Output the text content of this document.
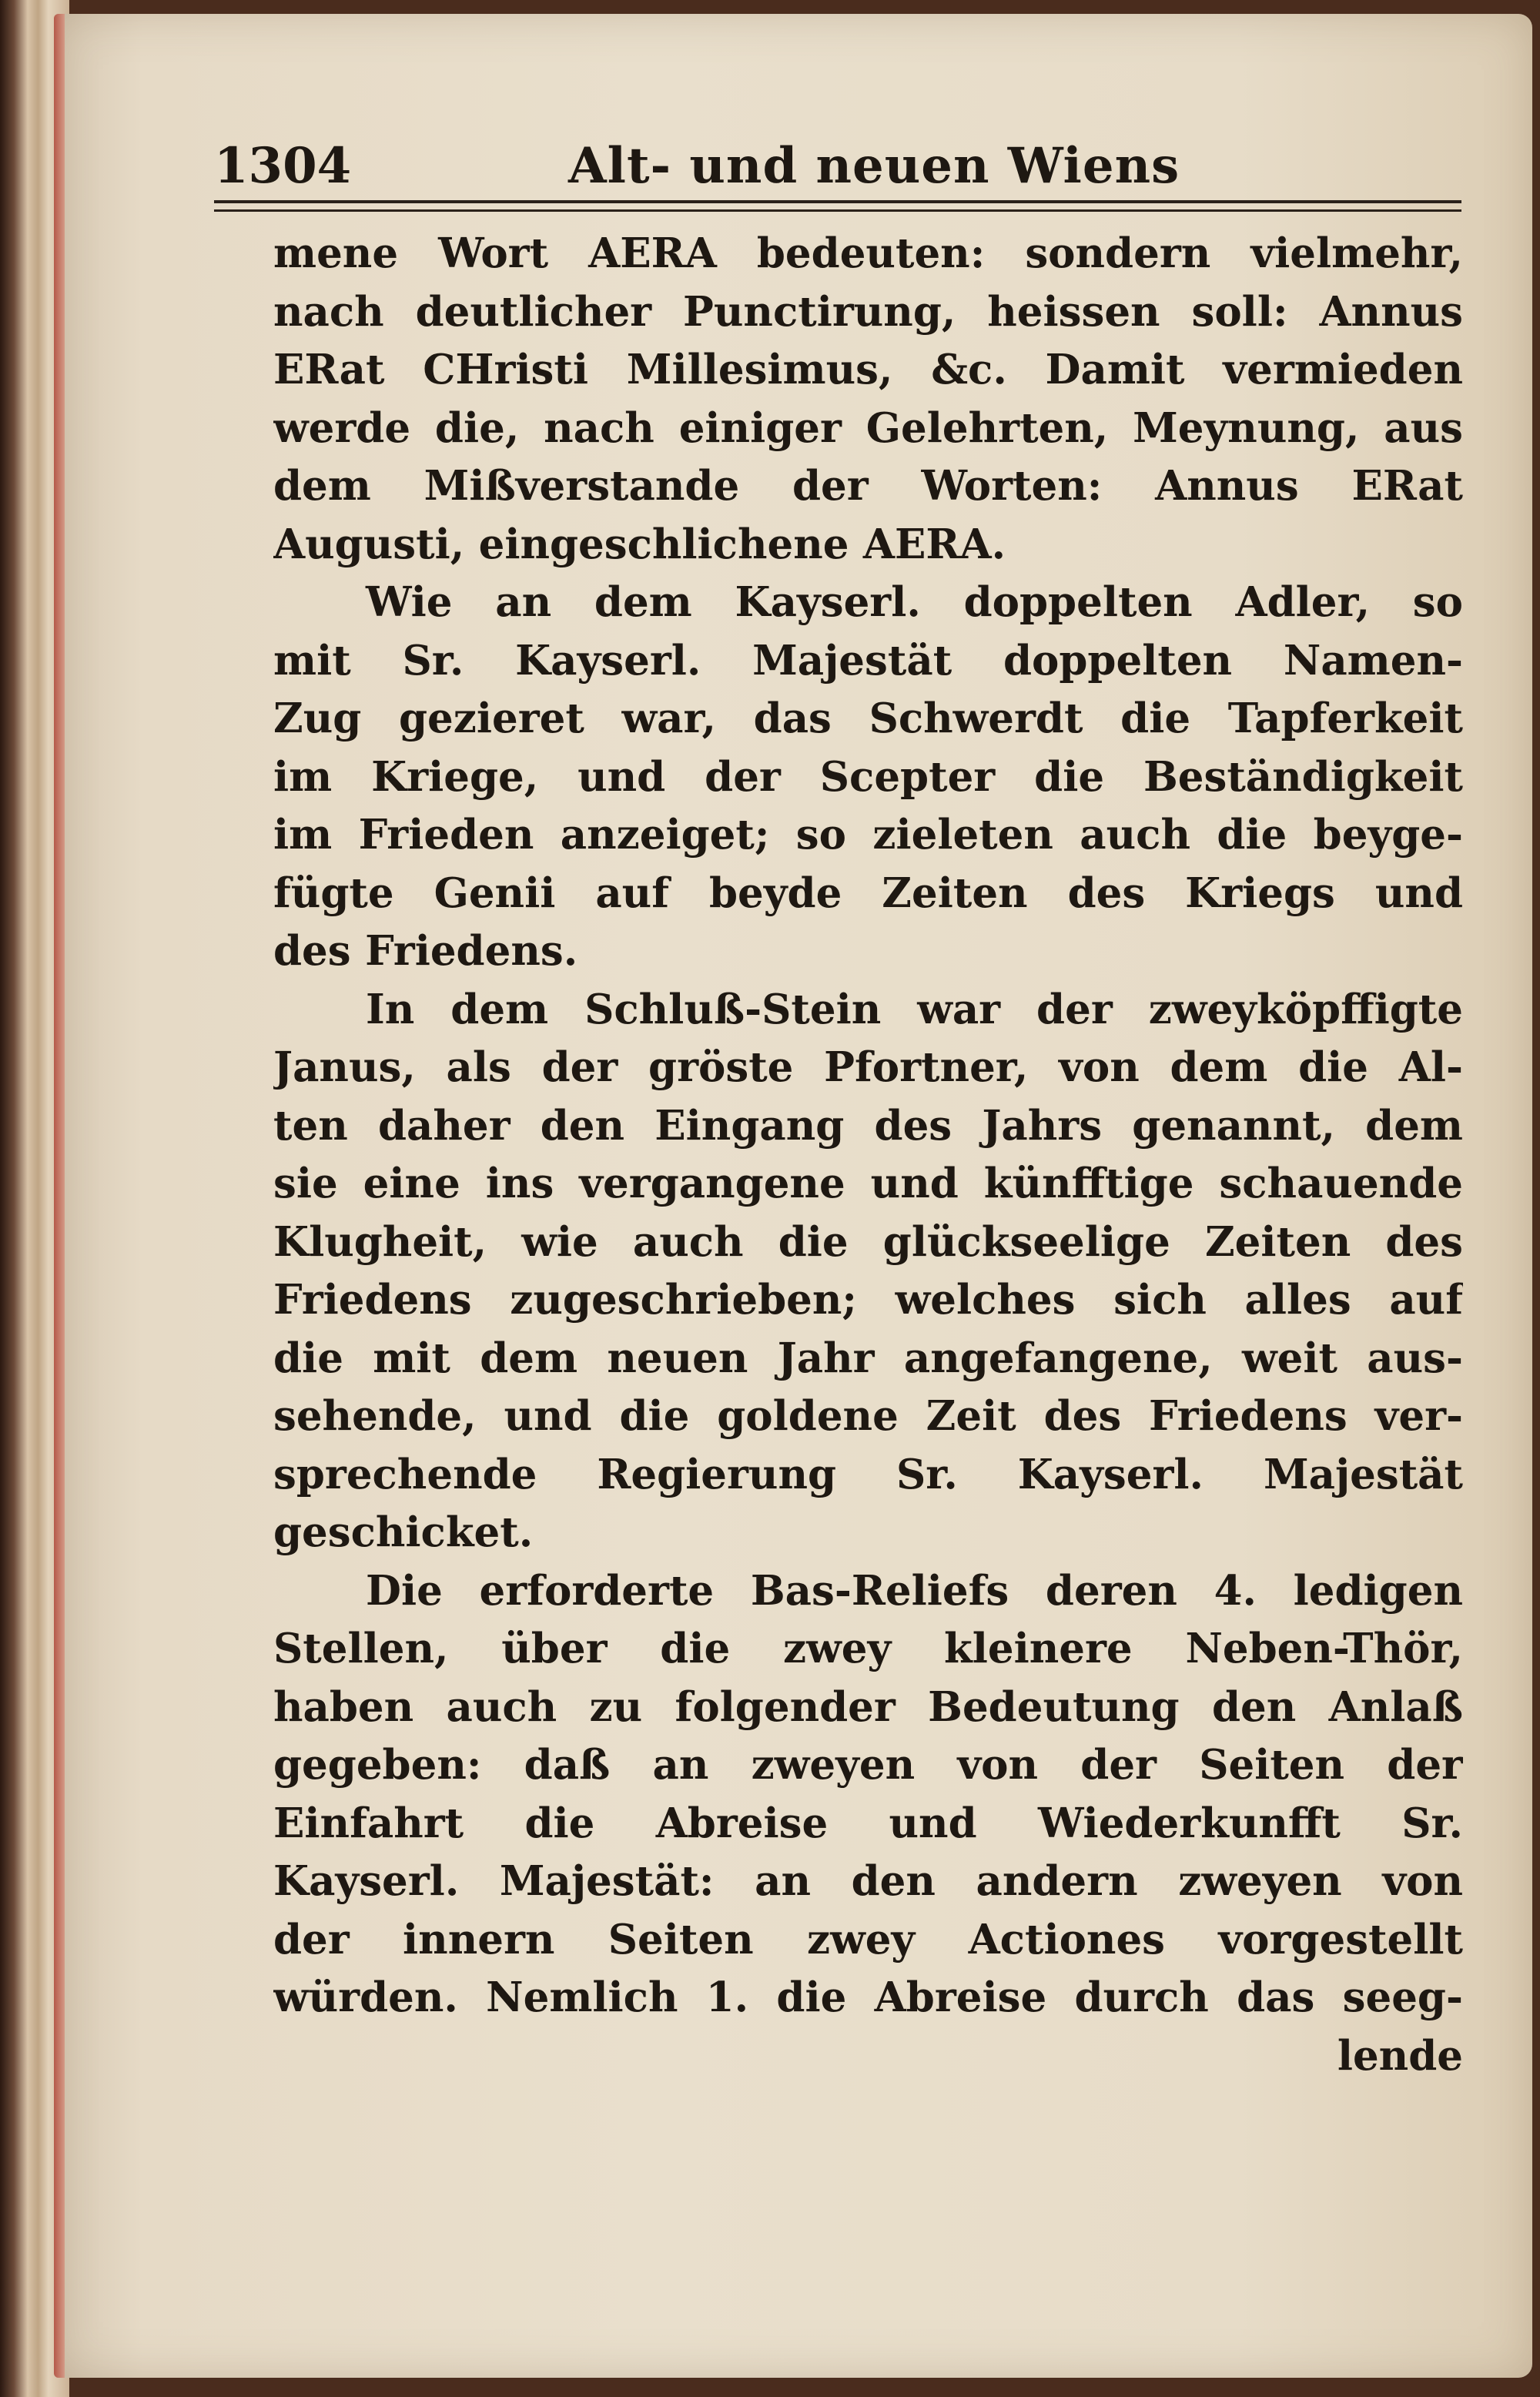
1304	Alt- und neuen Wiens
mene Wort AERA bedeuten: sondern vielmehr,
nach deutlicher Punctirung, heissen soll: Annus
ERat CHristi Millesimus, &c. Damit vermieden
werde die, nach einiger Gelehrten, Meynung, aus
dem Mißverstande der Worten: Annus ERat
Augusti, eingeschlichene AERA.
Wie an dem Kayserl. doppelten Adler, so
mit Sr. Kayserl. Majestät doppelten Namen-
Zug gezieret war, das Schwerdt die Tapferkeit
im Kriege, und der Scepter die Beständigkeit
im Frieden anzeiget; so zieleten auch die beyge-
fügte Genii auf beyde Zeiten des Kriegs und
des Friedens.
In dem Schluß-Stein war der zweyköpffigte
Janus, als der gröste Pfortner, von dem die Al-
ten daher den Eingang des Jahrs genannt, dem
sie eine ins vergangene und künfftige schauende
Klugheit, wie auch die glückseelige Zeiten des
Friedens zugeschrieben; welches sich alles auf
die mit dem neuen Jahr angefangene, weit aus-
sehende, und die goldene Zeit des Friedens ver-
sprechende Regierung Sr. Kayserl. Majestät
geschicket.
Die erforderte Bas-Reliefs deren 4. ledigen
Stellen, über die zwey kleinere Neben-Thör,
haben auch zu folgender Bedeutung den Anlaß
gegeben: daß an zweyen von der Seiten der
Einfahrt die Abreise und Wiederkunfft Sr.
Kayserl. Majestät: an den andern zweyen von
der innern Seiten zwey Actiones vorgestellt
würden. Nemlich 1. die Abreise durch das seeg-
lende
